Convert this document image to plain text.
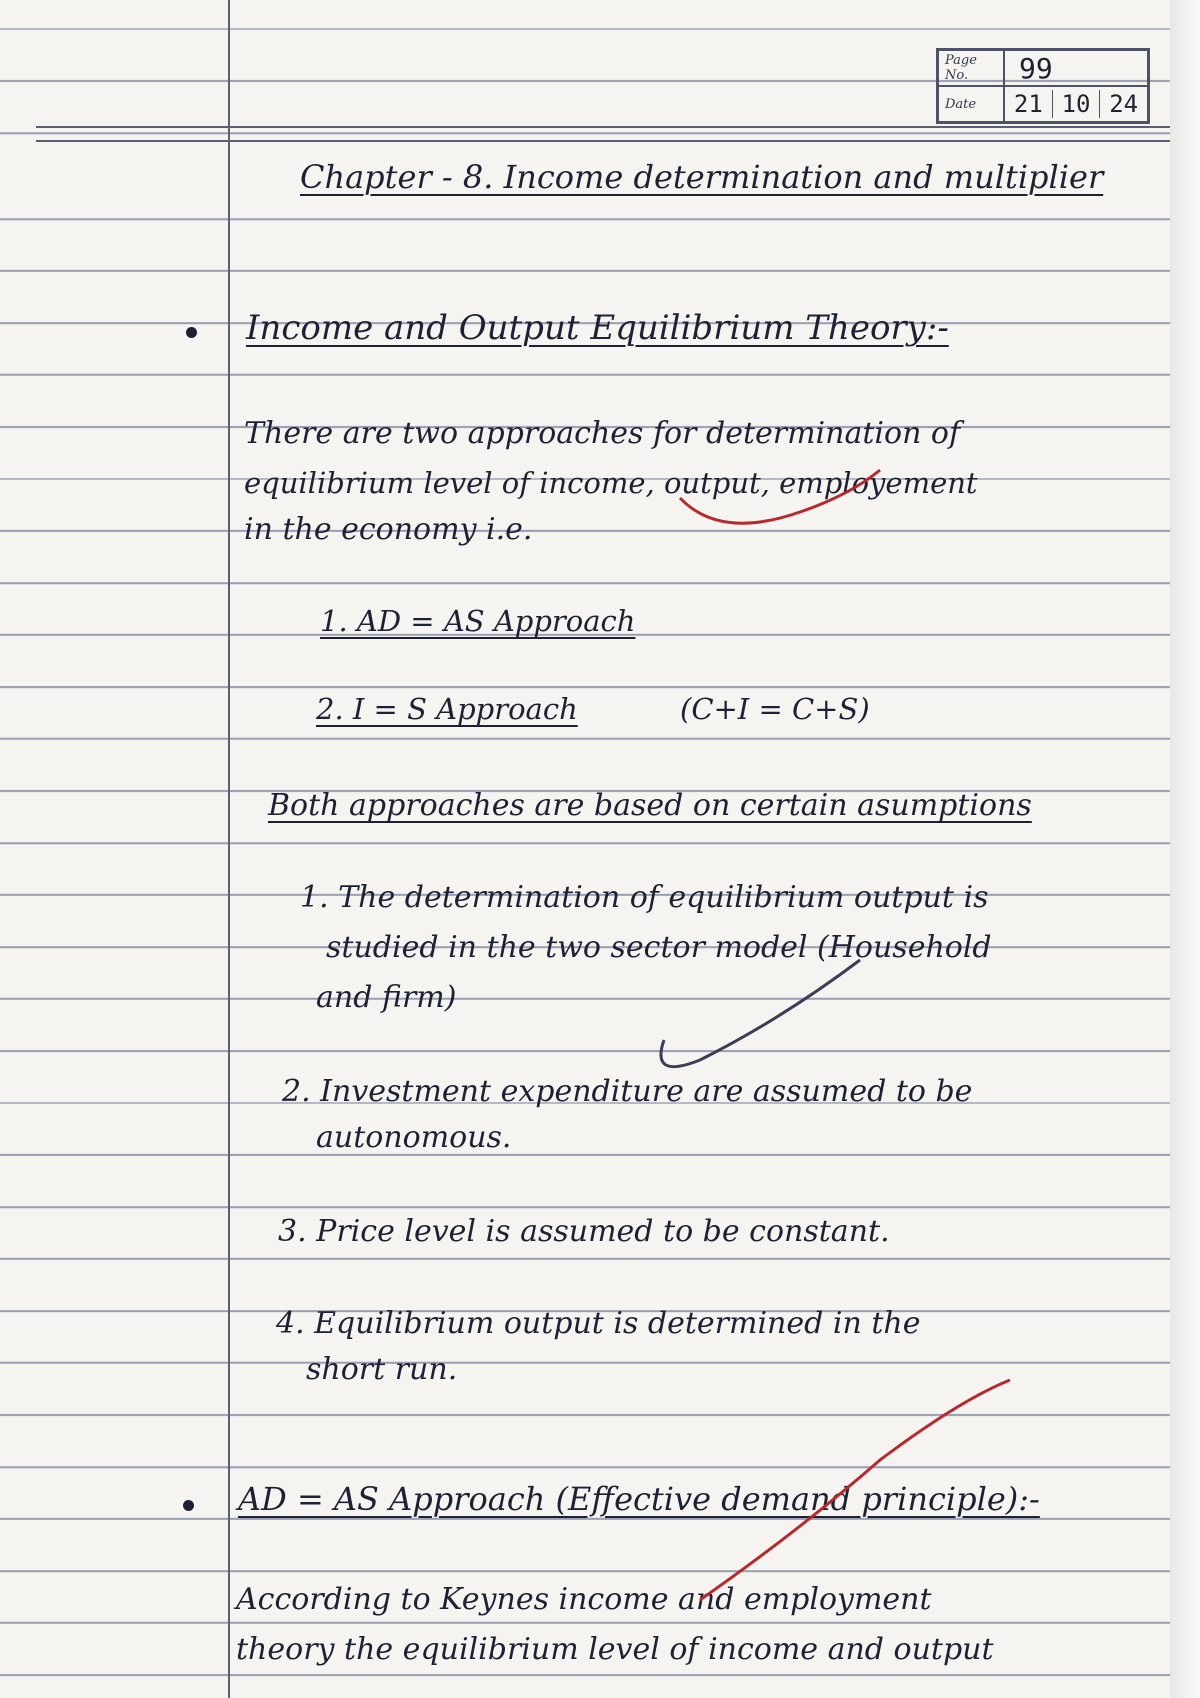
Page No.	99
Date	21 10 24
Chapter - 8. Income determination and multiplier
Income and Output Equilibrium Theory:-
There are two approaches for determination of
equilibrium level of income, output, employement
in the economy i.e.
1. AD = AS Approach
2. I = S Approach	(C+I = C+S)
Both approaches are based on certain asumptions
1. The determination of equilibrium output is
studied in the two sector model (Household
and firm)
2. Investment expenditure are assumed to be
autonomous.
3. Price level is assumed to be constant.
4. Equilibrium output is determined in the
short run.
AD = AS Approach (Effective demand principle):-
According to Keynes income and employment
theory the equilibrium level of income and output
